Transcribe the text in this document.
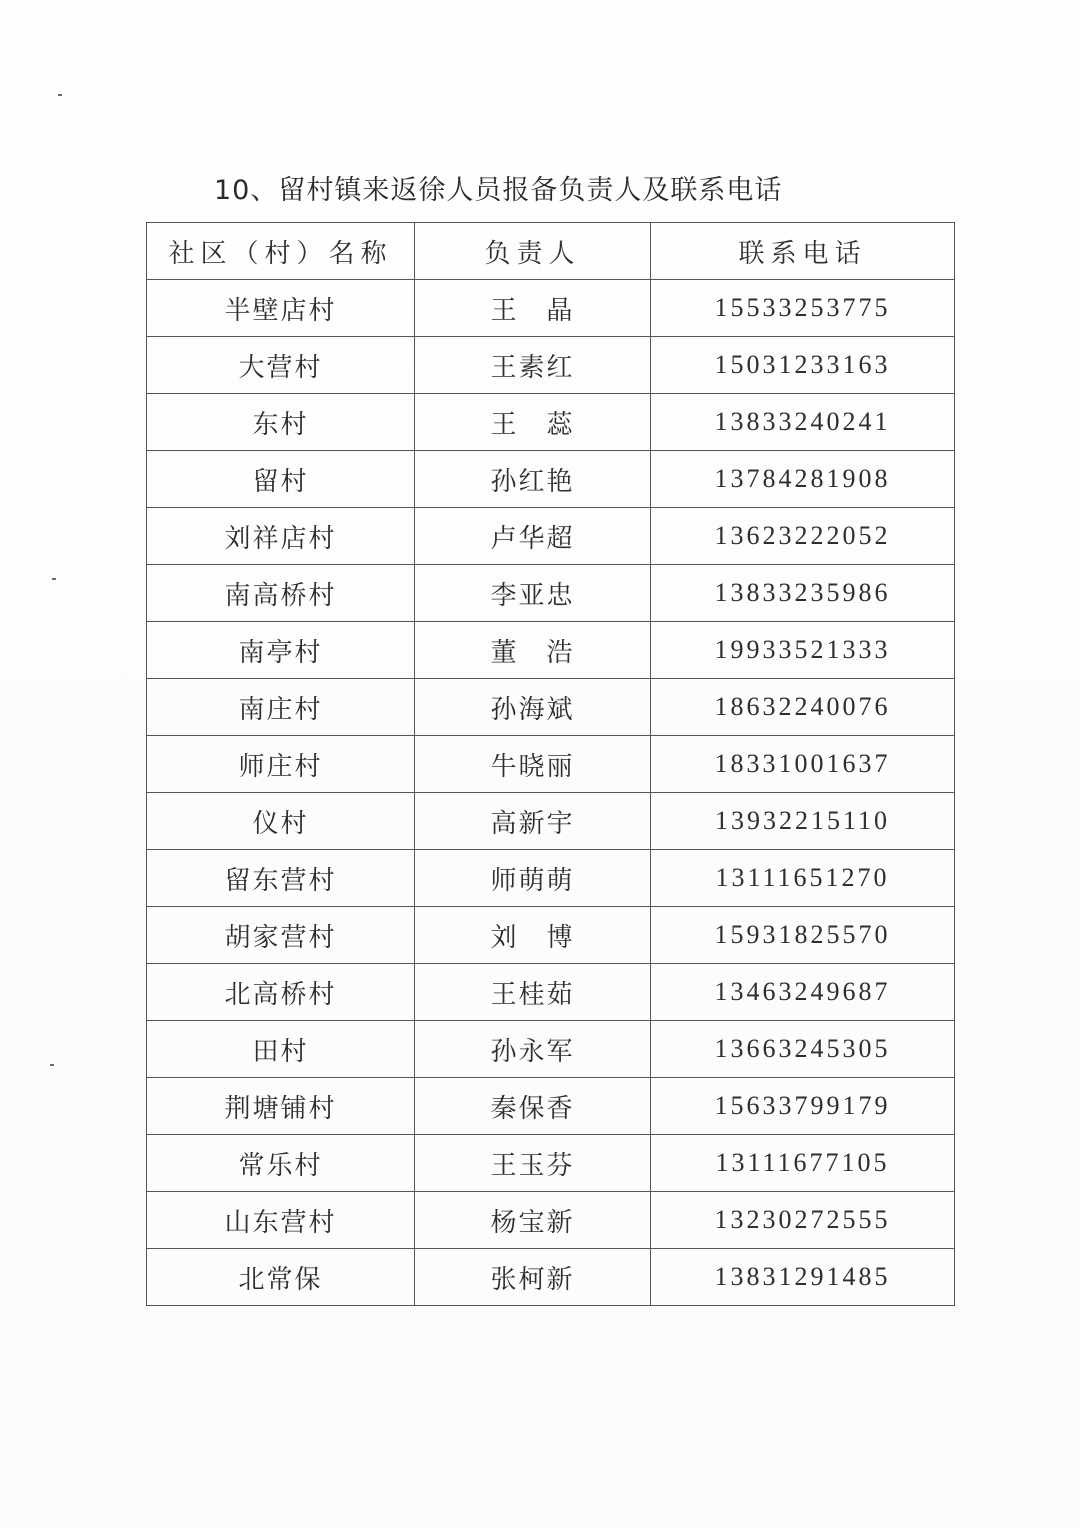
10、留村镇来返徐人员报备负责人及联系电话
社区（村）名称	负责人	联系电话
半壁店村	王　晶	15533253775
大营村	王素红	15031233163
东村	王　蕊	13833240241
留村	孙红艳	13784281908
刘祥店村	卢华超	13623222052
南高桥村	李亚忠	13833235986
南亭村	董　浩	19933521333
南庄村	孙海斌	18632240076
师庄村	牛晓丽	18331001637
仪村	高新宇	13932215110
留东营村	师萌萌	13111651270
胡家营村	刘　博	15931825570
北高桥村	王桂茹	13463249687
田村	孙永军	13663245305
荆塘铺村	秦保香	15633799179
常乐村	王玉芬	13111677105
山东营村	杨宝新	13230272555
北常保	张柯新	13831291485
